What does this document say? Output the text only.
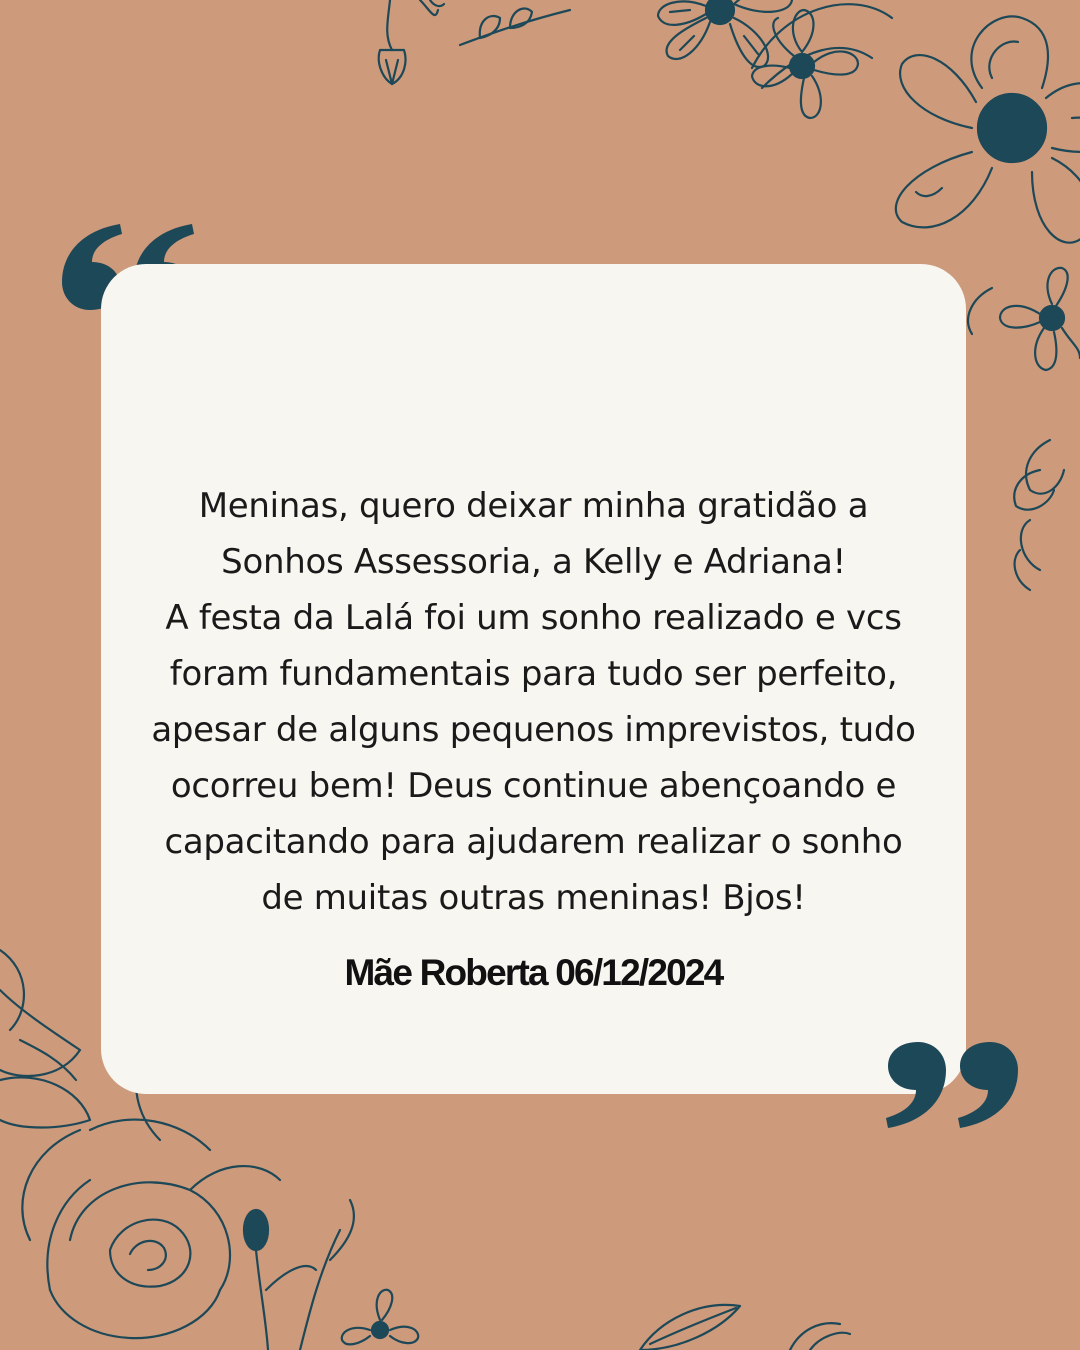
Meninas, quero deixar minha gratidão a
Sonhos Assessoria, a Kelly e Adriana!
A festa da Lalá foi um sonho realizado e vcs
foram fundamentais para tudo ser perfeito,
apesar de alguns pequenos imprevistos, tudo
ocorreu bem! Deus continue abençoando e
capacitando para ajudarem realizar o sonho
de muitas outras meninas! Bjos!
Mãe Roberta 06/12/2024
